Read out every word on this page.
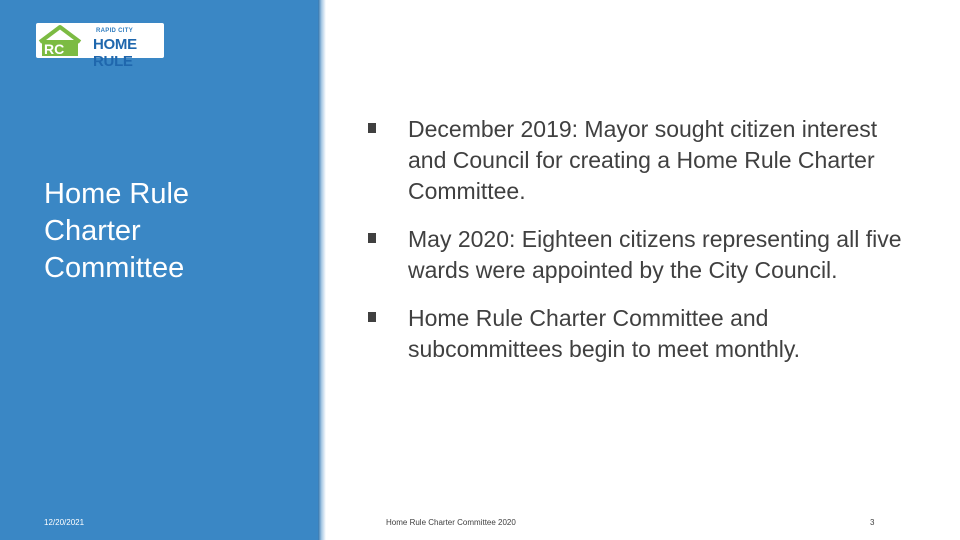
RC
RAPID CITY
HOME RULE
Home Rule
Charter
Committee
12/20/2021
December 2019: Mayor sought citizen interest and Council for creating a Home Rule Charter Committee.
May 2020: Eighteen citizens representing all five wards were appointed by the City Council.
Home Rule Charter Committee and subcommittees begin to meet monthly.
Home Rule Charter Committee 2020	3
